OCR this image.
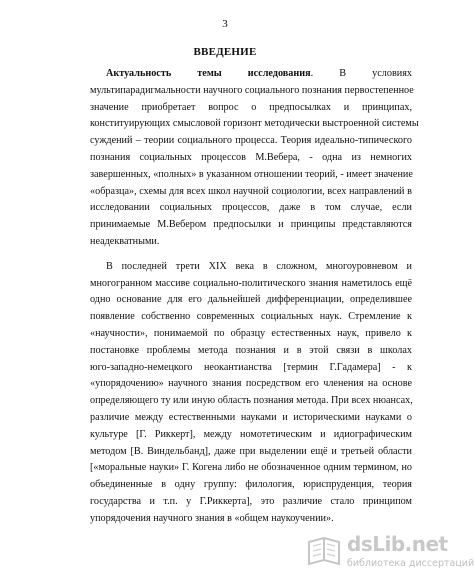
3
ВВЕДЕНИЕ
Актуальность темы исследования. В условиях
мультипарадигмальности научного социального познания первостепенное
значение приобретает вопрос о предпосылках и принципах,
конституирующих смысловой горизонт методически выстроенной системы
суждений – теории социального процесса. Теория идеально-типического
познания социальных процессов М.Вебера, - одна из немногих
завершенных, «полных» в указанном отношении теорий, - имеет значение
«образца», схемы для всех школ научной социологии, всех направлений в
исследовании социальных процессов, даже в том случае, если
принимаемые М.Вебером предпосылки и принципы представляются
неадекватными.
В последней трети XIX века в сложном, многоуровневом и
многогранном массиве социально-политического знания наметилось ещё
одно основание для его дальнейшей дифференциации, определившее
появление собственно современных социальных наук. Стремление к
«научности», понимаемой по образцу естественных наук, привело к
постановке проблемы метода познания и в этой связи в школах
юго-западно-немецкого неокантианства [термин Г.Гадамера] - к
«упорядочению» научного знания посредством его членения на основе
определяющего ту или иную область познания метода. При всех нюансах,
различие между естественными науками и историческими науками о
культуре [Г. Риккерт], между номотетическим и идиографическим
методом [В. Виндельбанд], даже при выделении ещё и третьей области
[«моральные науки» Г. Когена либо не обозначенное одним термином, но
объединенные в одну группу: филология, юриспруденция, теория
государства и т.п. у Г.Риккерта], это различие стало принципом
упорядочения научного знания в «общем наукоучении».
dsLib.net
библиотека диссертаций
